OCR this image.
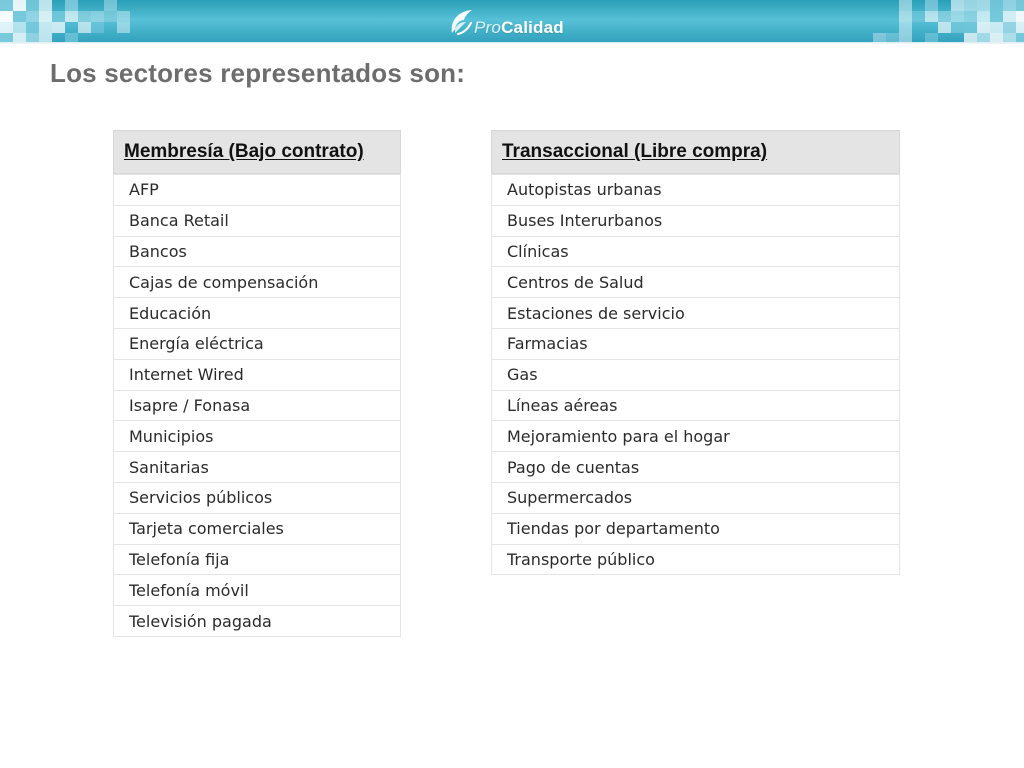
ProCalidad
Los sectores representados son:
Membresía (Bajo contrato)
AFP
Banca Retail
Bancos
Cajas de compensación
Educación
Energía eléctrica
Internet Wired
Isapre / Fonasa
Municipios
Sanitarias
Servicios públicos
Tarjeta comerciales
Telefonía fija
Telefonía móvil
Televisión pagada
Transaccional (Libre compra)
Autopistas urbanas
Buses Interurbanos
Clínicas
Centros de Salud
Estaciones de servicio
Farmacias
Gas
Líneas aéreas
Mejoramiento para el hogar
Pago de cuentas
Supermercados
Tiendas por departamento
Transporte público
